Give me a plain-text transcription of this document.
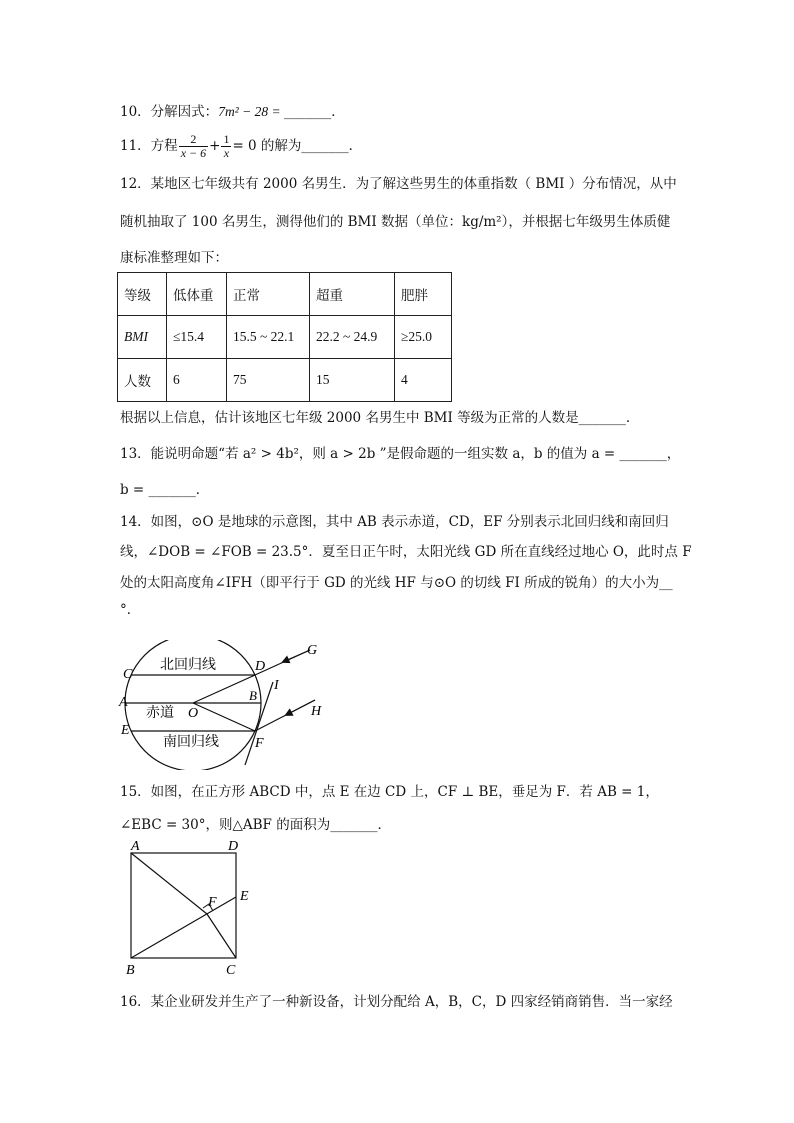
10．分解因式：7m² − 28 = _______．
11．方程 $\frac{2}{x - 6} + \frac{1}{x} = 0$ 的解为_______．
12．某地区七年级共有 2000 名男生．为了解这些男生的体重指数（ BMI ）分布情况，从中
随机抽取了 100 名男生，测得他们的 BMI 数据（单位：kg/m²），并根据七年级男生体质健
康标准整理如下：
等级	低体重	正常	超重	肥胖
BMI	≤15.4	15.5 ~ 22.1	22.2 ~ 24.9	≥25.0
人数	6	75	15	4
根据以上信息，估计该地区七年级 2000 名男生中 BMI 等级为正常的人数是_______．
13．能说明命题“若 a² > 4b²，则 a > 2b ”是假命题的一组实数 a，b 的值为 a = _______，
b = _______．
14．如图，⊙O 是地球的示意图，其中 AB 表示赤道，CD，EF 分别表示北回归线和南回归
线，∠DOB = ∠FOB = 23.5°．夏至日正午时，太阳光线 GD 所在直线经过地心 O，此时点 F
处的太阳高度角∠IFH（即平行于 GD 的光线 HF 与⊙O 的切线 FI 所成的锐角）的大小为__
°．
北回归线
赤道
南回归线
C
D
A	B
O
E
F
G
H
I
15．如图，在正方形 ABCD 中，点 E 在边 CD 上，CF ⊥ BE，垂足为 F．若 AB = 1，
∠EBC = 30°，则△ABF 的面积为_______．
A	D
E
F
B	C
16．某企业研发并生产了一种新设备，计划分配给 A，B，C，D 四家经销商销售．当一家经
